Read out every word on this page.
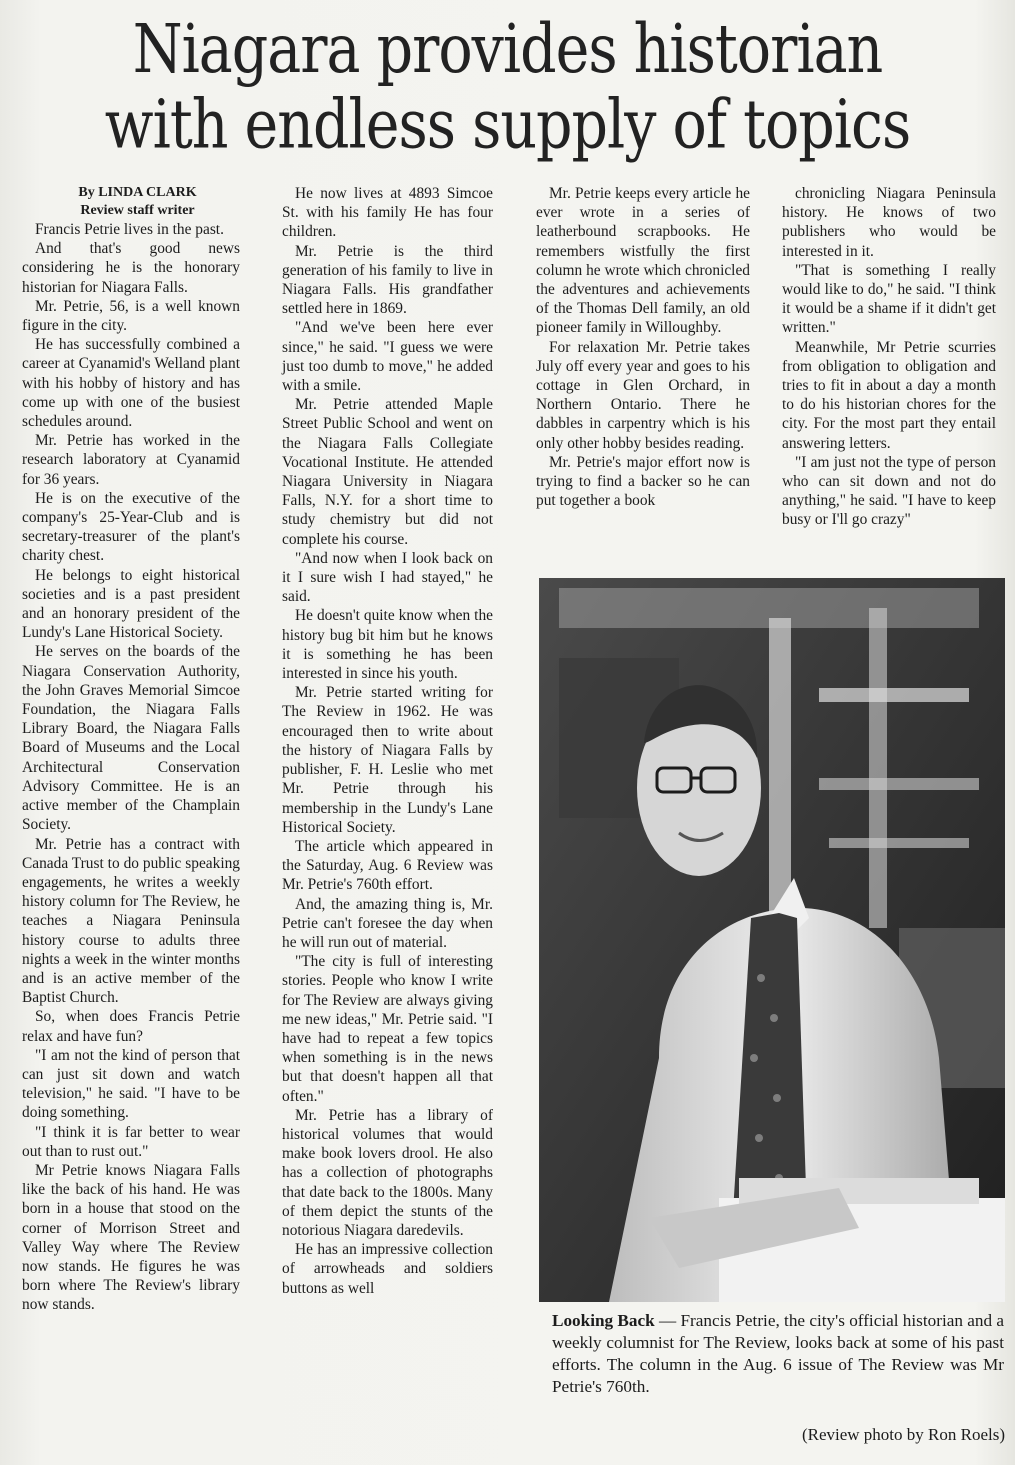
Niagara provides historian
with endless supply of topics

By LINDA CLARK

Review staff writer

Francis Petrie lives in the past.

And that's good news considering he is the honorary historian for Niagara Falls.

Mr. Petrie, 56, is a well known figure in the city.

He has successfully combined a career at Cyanamid's Welland plant with his hobby of history and has come up with one of the busiest schedules around.

Mr. Petrie has worked in the research laboratory at Cyanamid for 36 years.

He is on the executive of the company's 25-Year-Club and is secretary-treasurer of the plant's charity chest.

He belongs to eight historical societies and is a past president and an honorary president of the Lundy's Lane Historical Society.

He serves on the boards of the Niagara Conservation Authority, the John Graves Memorial Simcoe Foundation, the Niagara Falls Library Board, the Niagara Falls Board of Museums and the Local Architectural Conservation Advisory Committee. He is an active member of the Champlain Society.

Mr. Petrie has a contract with Canada Trust to do public speaking engagements, he writes a weekly history column for The Review, he teaches a Niagara Peninsula history course to adults three nights a week in the winter months and is an active member of the Baptist Church.

So, when does Francis Petrie relax and have fun?

"I am not the kind of person that can just sit down and watch television," he said. "I have to be doing something.

"I think it is far better to wear out than to rust out."

Mr Petrie knows Niagara Falls like the back of his hand. He was born in a house that stood on the corner of Morrison Street and Valley Way where The Review now stands. He figures he was born where The Review's library now stands.

He now lives at 4893 Simcoe St. with his family He has four children.

Mr. Petrie is the third generation of his family to live in Niagara Falls. His grandfather settled here in 1869.

"And we've been here ever since," he said. "I guess we were just too dumb to move," he added with a smile.

Mr. Petrie attended Maple Street Public School and went on the Niagara Falls Collegiate Vocational Institute. He attended Niagara University in Niagara Falls, N.Y. for a short time to study chemistry but did not complete his course.

"And now when I look back on it I sure wish I had stayed," he said.

He doesn't quite know when the history bug bit him but he knows it is something he has been interested in since his youth.

Mr. Petrie started writing for The Review in 1962. He was encouraged then to write about the history of Niagara Falls by publisher, F. H. Leslie who met Mr. Petrie through his membership in the Lundy's Lane Historical Society.

The article which appeared in the Saturday, Aug. 6 Review was Mr. Petrie's 760th effort.

And, the amazing thing is, Mr. Petrie can't foresee the day when he will run out of material.

"The city is full of interesting stories. People who know I write for The Review are always giving me new ideas," Mr. Petrie said. "I have had to repeat a few topics when something is in the news but that doesn't happen all that often."

Mr. Petrie has a library of historical volumes that would make book lovers drool. He also has a collection of photographs that date back to the 1800s. Many of them depict the stunts of the notorious Niagara daredevils.

He has an impressive collection of arrowheads and soldiers buttons as well

Mr. Petrie keeps every article he ever wrote in a series of leatherbound scrapbooks. He remembers wistfully the first column he wrote which chronicled the adventures and achievements of the Thomas Dell family, an old pioneer family in Willoughby.

For relaxation Mr. Petrie takes July off every year and goes to his cottage in Glen Orchard, in Northern Ontario. There he dabbles in carpentry which is his only other hobby besides reading.

Mr. Petrie's major effort now is trying to find a backer so he can put together a book

chronicling Niagara Peninsula history. He knows of two publishers who would be interested in it.

"That is something I really would like to do," he said. "I think it would be a shame if it didn't get written."

Meanwhile, Mr Petrie scurries from obligation to obligation and tries to fit in about a day a month to do his historian chores for the city. For the most part they entail answering letters.

"I am just not the type of person who can sit down and not do anything," he said. "I have to keep busy or I'll go crazy"

Looking Back — Francis Petrie, the city's official historian and a weekly columnist for The Review, looks back at some of his past efforts. The column in the Aug. 6 issue of The Review was Mr Petrie's 760th.

(Review photo by Ron Roels)
